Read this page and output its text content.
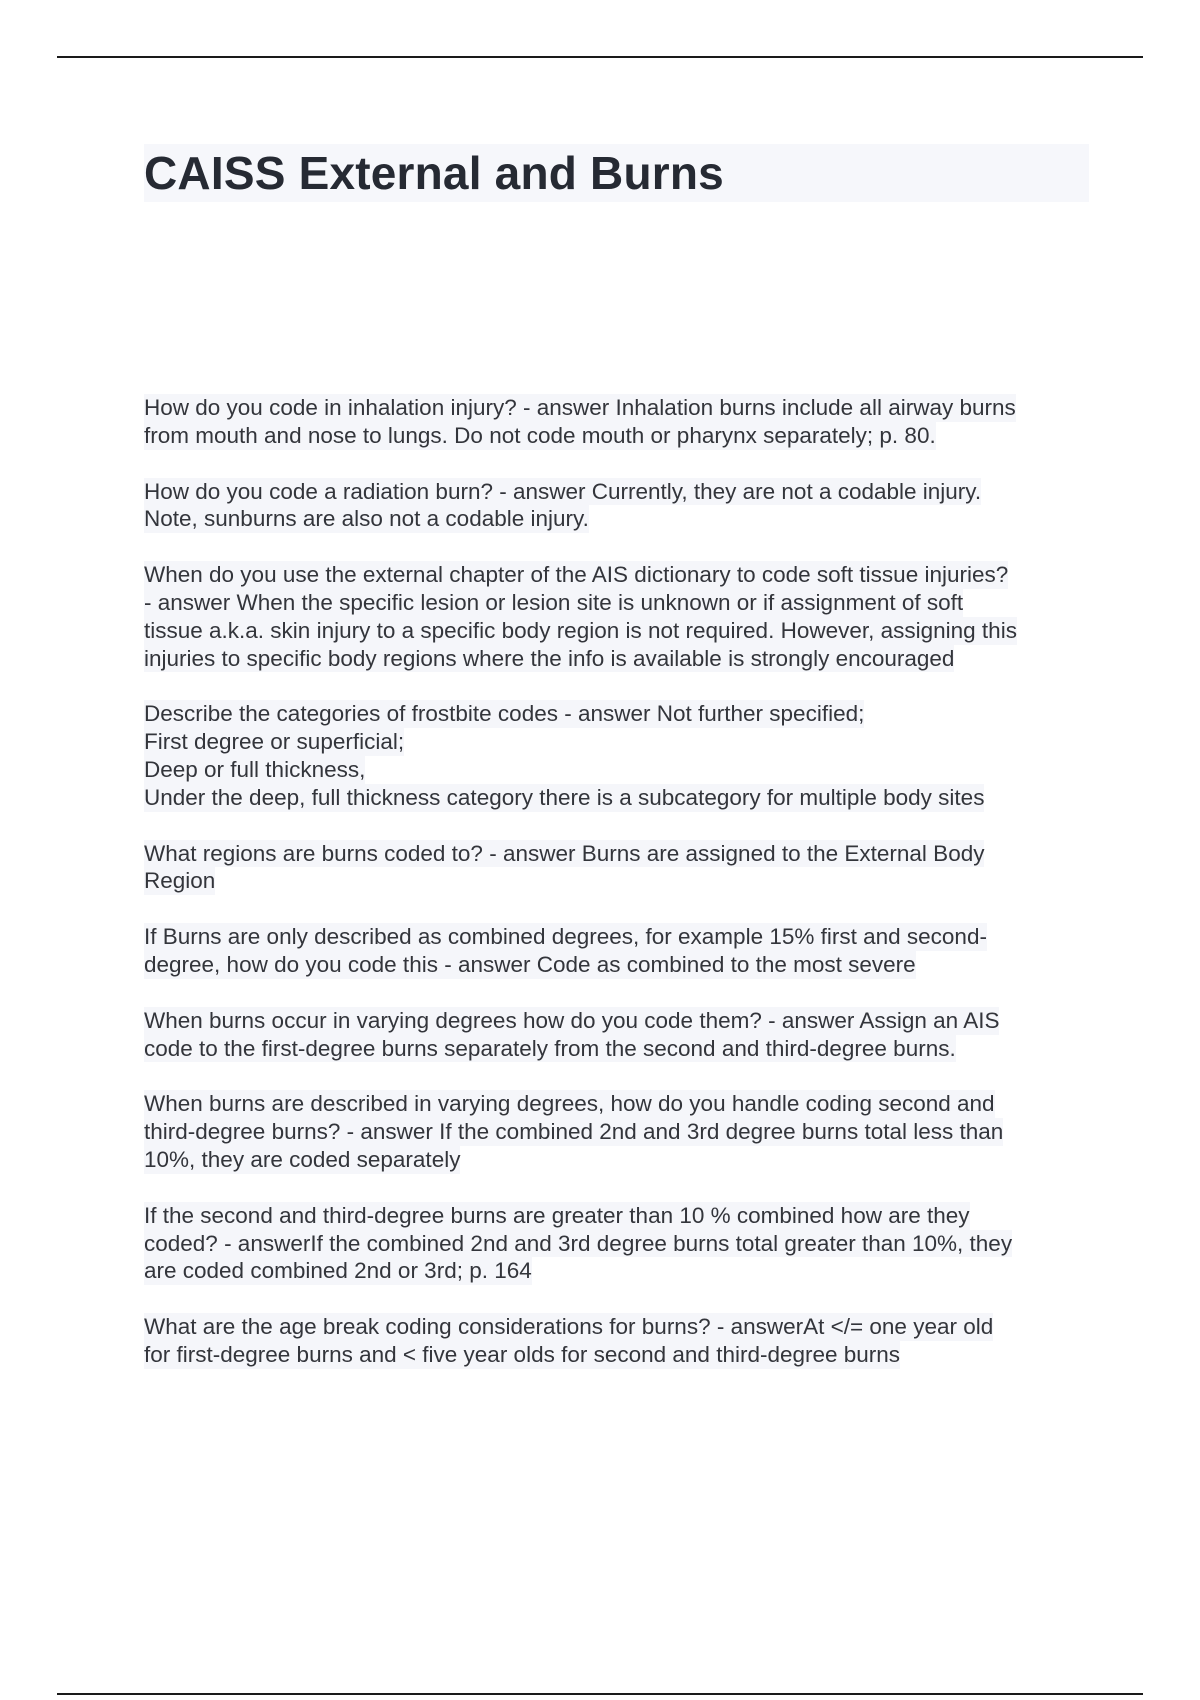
CAISS External and Burns

How do you code in inhalation injury? - answer Inhalation burns include all airway burns
from mouth and nose to lungs. Do not code mouth or pharynx separately; p. 80.

How do you code a radiation burn? - answer Currently, they are not a codable injury.
Note, sunburns are also not a codable injury.

When do you use the external chapter of the AIS dictionary to code soft tissue injuries?
- answer When the specific lesion or lesion site is unknown or if assignment of soft
tissue a.k.a. skin injury to a specific body region is not required. However, assigning this
injuries to specific body regions where the info is available is strongly encouraged

Describe the categories of frostbite codes - answer Not further specified;
First degree or superficial;
Deep or full thickness,
Under the deep, full thickness category there is a subcategory for multiple body sites

What regions are burns coded to? - answer Burns are assigned to the External Body
Region

If Burns are only described as combined degrees, for example 15% first and second-
degree, how do you code this - answer Code as combined to the most severe

When burns occur in varying degrees how do you code them? - answer Assign an AIS
code to the first-degree burns separately from the second and third-degree burns.

When burns are described in varying degrees, how do you handle coding second and
third-degree burns? - answer If the combined 2nd and 3rd degree burns total less than
10%, they are coded separately

If the second and third-degree burns are greater than 10 % combined how are they
coded? - answerIf the combined 2nd and 3rd degree burns total greater than 10%, they
are coded combined 2nd or 3rd; p. 164

What are the age break coding considerations for burns? - answerAt </= one year old
for first-degree burns and < five year olds for second and third-degree burns
